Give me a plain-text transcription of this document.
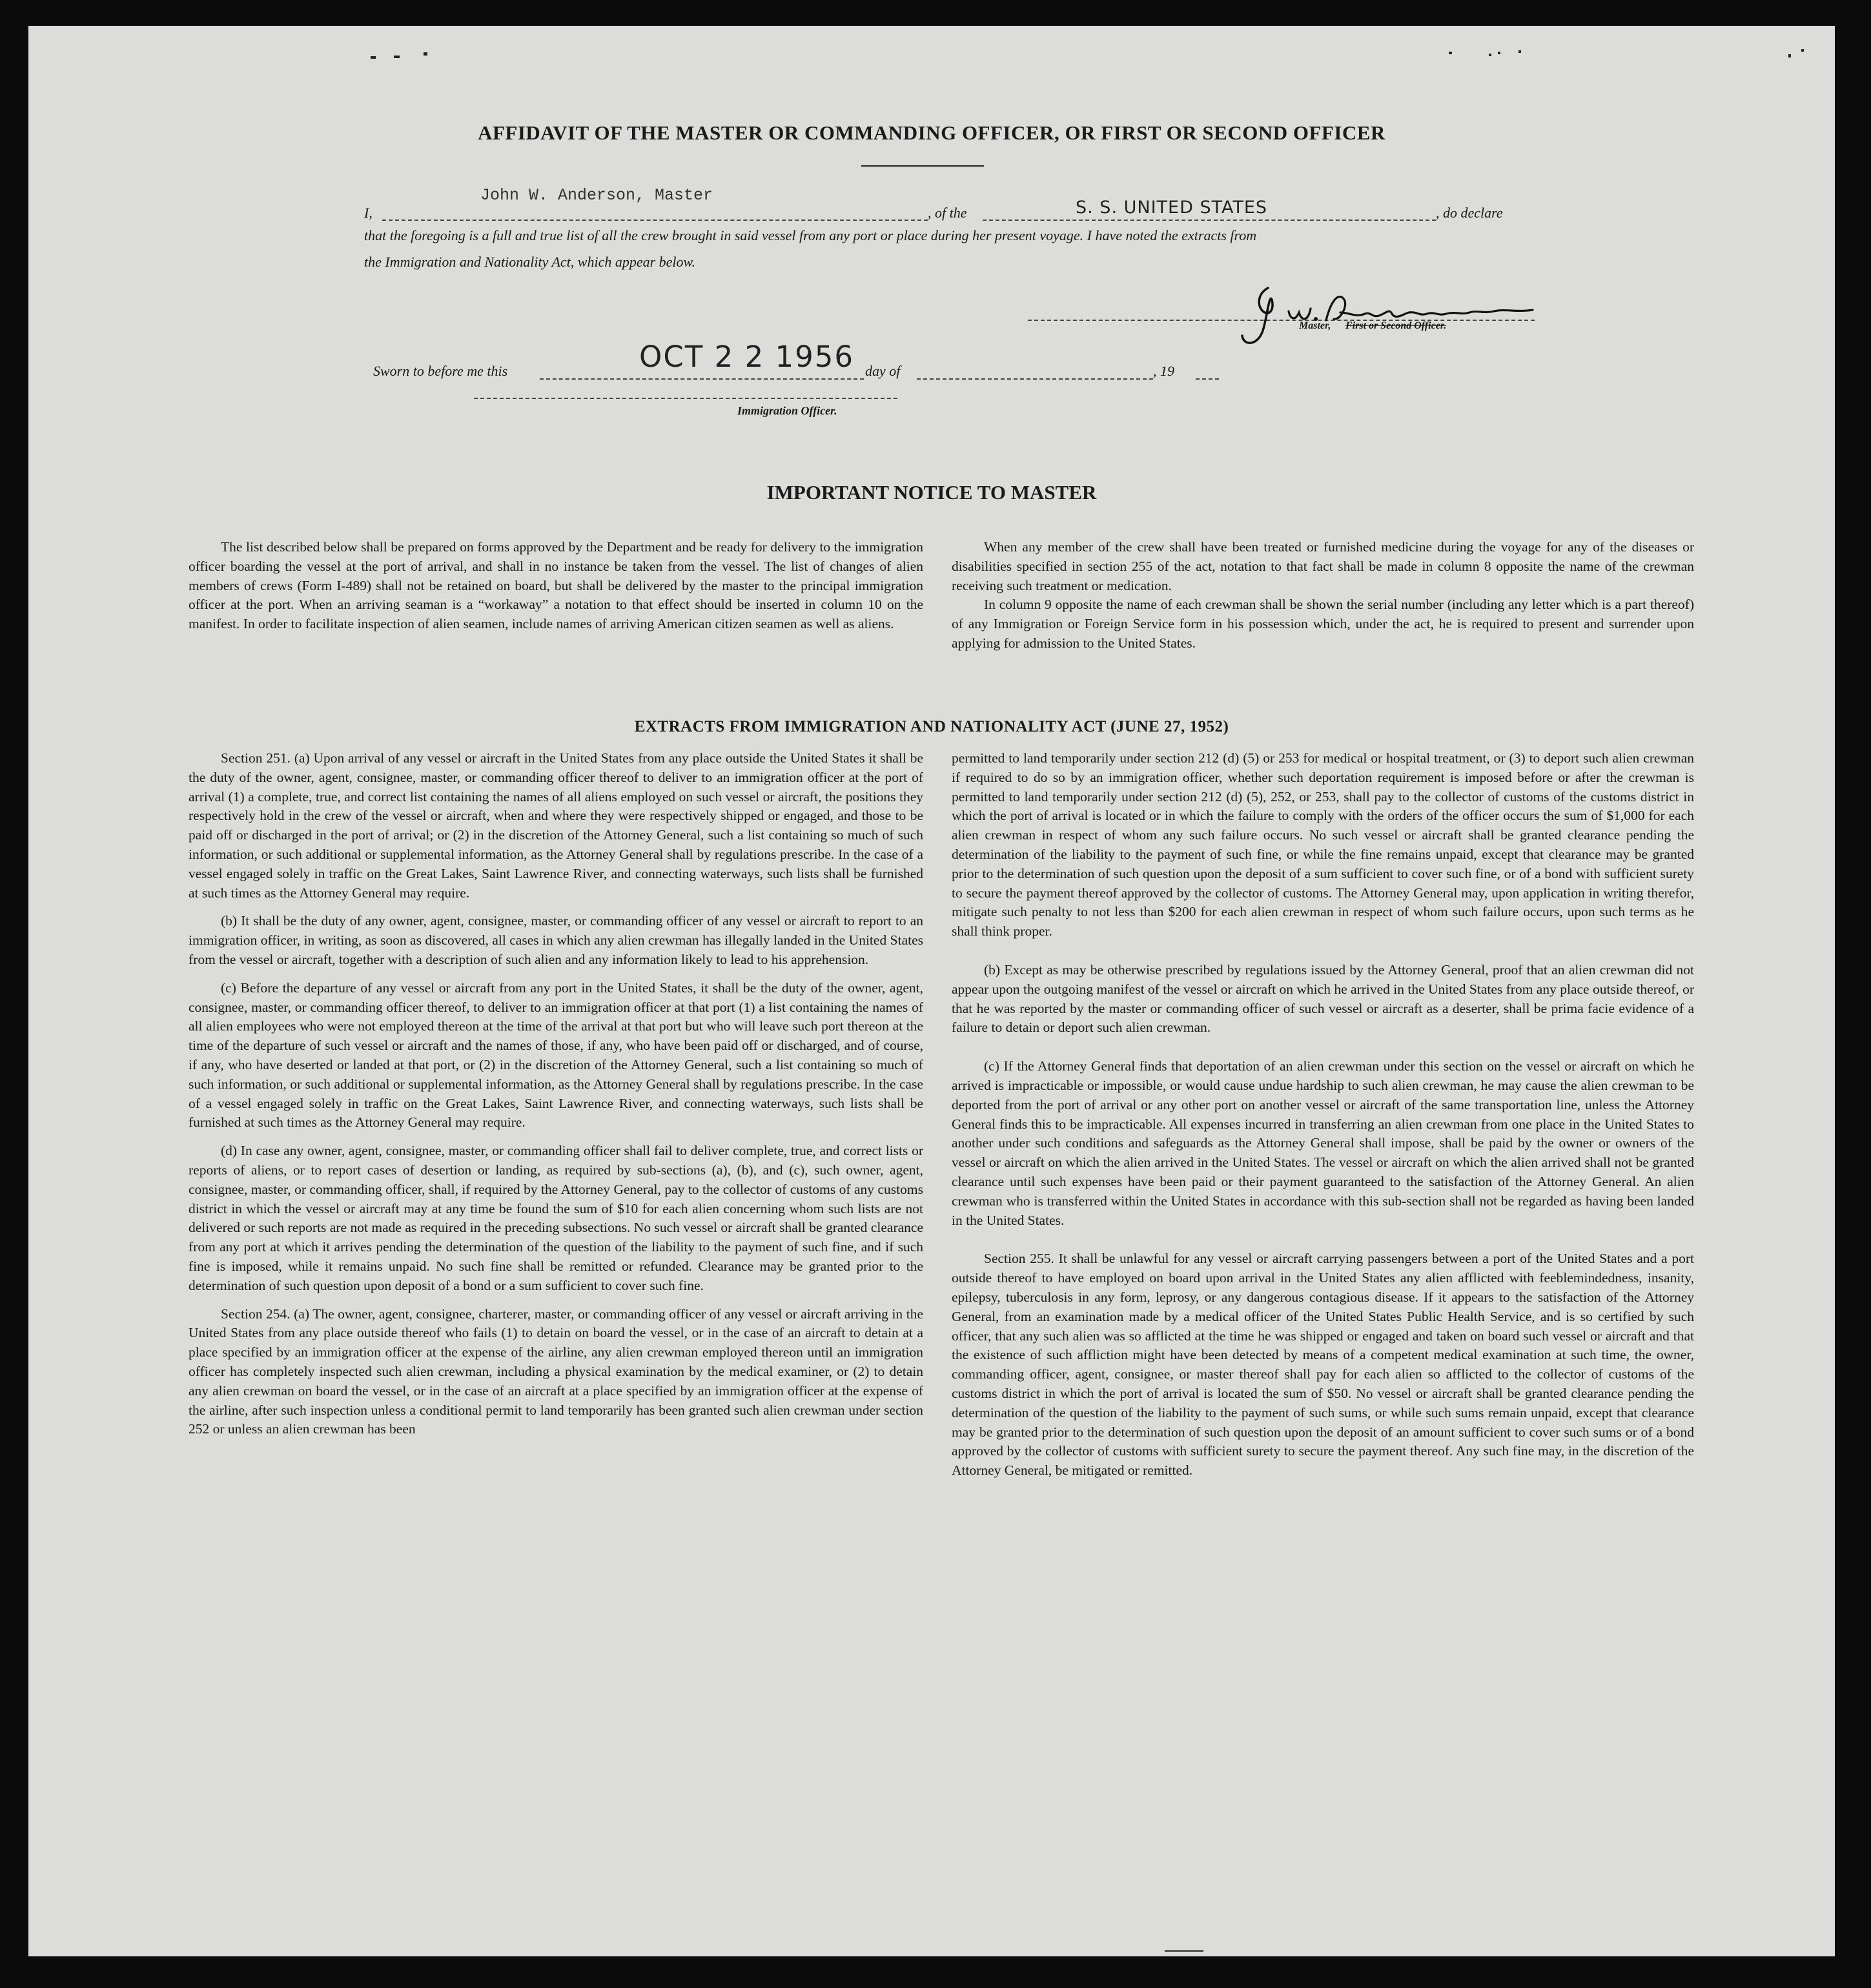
AFFIDAVIT OF THE MASTER OR COMMANDING OFFICER, OR FIRST OR SECOND OFFICER
I,
John W. Anderson, Master
, of the	S. S. UNITED STATES	, do declare
that the foregoing is a full and true list of all the crew brought in said vessel from any port or place during her present voyage. I have noted the extracts from
the Immigration and Nationality Act, which appear below.
Master, First or Second Officer.
Sworn to before me this	OCT 2 2 1956 day of	, 19
Immigration Officer.
IMPORTANT NOTICE TO MASTER

The list described below shall be prepared on forms approved by the Department and be ready for delivery to the immigration officer boarding the vessel at the port of arrival, and shall in no instance be taken from the vessel. The list of changes of alien members of crews (Form I-489) shall not be retained on board, but shall be delivered by the master to the principal immigration officer at the port. When an arriving seaman is a “workaway” a notation to that effect should be inserted in column 10 on the manifest. In order to facilitate inspection of alien seamen, include names of arriving American citizen seamen as well as aliens.

When any member of the crew shall have been treated or furnished medicine during the voyage for any of the diseases or disabilities specified in section 255 of the act, notation to that fact shall be made in column 8 opposite the name of the crewman receiving such treatment or medication.

In column 9 opposite the name of each crewman shall be shown the serial number (including any letter which is a part thereof) of any Immigration or Foreign Service form in his possession which, under the act, he is required to present and surrender upon applying for admission to the United States.

EXTRACTS FROM IMMIGRATION AND NATIONALITY ACT (JUNE 27, 1952)

Section 251. (a) Upon arrival of any vessel or aircraft in the United States from any place outside the United States it shall be the duty of the owner, agent, consignee, master, or commanding officer thereof to deliver to an immigration officer at the port of arrival (1) a complete, true, and correct list containing the names of all aliens employed on such vessel or aircraft, the positions they respectively hold in the crew of the vessel or aircraft, when and where they were respectively shipped or engaged, and those to be paid off or discharged in the port of arrival; or (2) in the discretion of the Attorney General, such a list containing so much of such information, or such additional or supplemental information, as the Attorney General shall by regulations prescribe. In the case of a vessel engaged solely in traffic on the Great Lakes, Saint Lawrence River, and connecting waterways, such lists shall be furnished at such times as the Attorney General may require.

(b) It shall be the duty of any owner, agent, consignee, master, or commanding officer of any vessel or aircraft to report to an immigration officer, in writing, as soon as discovered, all cases in which any alien crewman has illegally landed in the United States from the vessel or aircraft, together with a description of such alien and any information likely to lead to his apprehension.

(c) Before the departure of any vessel or aircraft from any port in the United States, it shall be the duty of the owner, agent, consignee, master, or commanding officer thereof, to deliver to an immigration officer at that port (1) a list containing the names of all alien employees who were not employed thereon at the time of the arrival at that port but who will leave such port thereon at the time of the departure of such vessel or aircraft and the names of those, if any, who have been paid off or discharged, and of course, if any, who have deserted or landed at that port, or (2) in the discretion of the Attorney General, such a list containing so much of such information, or such additional or supplemental information, as the Attorney General shall by regulations prescribe. In the case of a vessel engaged solely in traffic on the Great Lakes, Saint Lawrence River, and connecting waterways, such lists shall be furnished at such times as the Attorney General may require.

(d) In case any owner, agent, consignee, master, or commanding officer shall fail to deliver complete, true, and correct lists or reports of aliens, or to report cases of desertion or landing, as required by sub-sections (a), (b), and (c), such owner, agent, consignee, master, or commanding officer, shall, if required by the Attorney General, pay to the collector of customs of any customs district in which the vessel or aircraft may at any time be found the sum of $10 for each alien concerning whom such lists are not delivered or such reports are not made as required in the preceding subsections. No such vessel or aircraft shall be granted clearance from any port at which it arrives pending the determination of the question of the liability to the payment of such fine, and if such fine is imposed, while it remains unpaid. No such fine shall be remitted or refunded. Clearance may be granted prior to the determination of such question upon deposit of a bond or a sum sufficient to cover such fine.

Section 254. (a) The owner, agent, consignee, charterer, master, or commanding officer of any vessel or aircraft arriving in the United States from any place outside thereof who fails (1) to detain on board the vessel, or in the case of an aircraft to detain at a place specified by an immigration officer at the expense of the airline, any alien crewman employed thereon until an immigration officer has completely inspected such alien crewman, including a physical examination by the medical examiner, or (2) to detain any alien crewman on board the vessel, or in the case of an aircraft at a place specified by an immigration officer at the expense of the airline, after such inspection unless a conditional permit to land temporarily has been granted such alien crewman under section 252 or unless an alien crewman has been

permitted to land temporarily under section 212 (d) (5) or 253 for medical or hospital treatment, or (3) to deport such alien crewman if required to do so by an immigration officer, whether such deportation requirement is imposed before or after the crewman is permitted to land temporarily under section 212 (d) (5), 252, or 253, shall pay to the collector of customs of the customs district in which the port of arrival is located or in which the failure to comply with the orders of the officer occurs the sum of $1,000 for each alien crewman in respect of whom any such failure occurs. No such vessel or aircraft shall be granted clearance pending the determination of the liability to the payment of such fine, or while the fine remains unpaid, except that clearance may be granted prior to the determination of such question upon the deposit of a sum sufficient to cover such fine, or of a bond with sufficient surety to secure the payment thereof approved by the collector of customs. The Attorney General may, upon application in writing therefor, mitigate such penalty to not less than $200 for each alien crewman in respect of whom such failure occurs, upon such terms as he shall think proper.

(b) Except as may be otherwise prescribed by regulations issued by the Attorney General, proof that an alien crewman did not appear upon the outgoing manifest of the vessel or aircraft on which he arrived in the United States from any place outside thereof, or that he was reported by the master or commanding officer of such vessel or aircraft as a deserter, shall be prima facie evidence of a failure to detain or deport such alien crewman.

(c) If the Attorney General finds that deportation of an alien crewman under this section on the vessel or aircraft on which he arrived is impracticable or impossible, or would cause undue hardship to such alien crewman, he may cause the alien crewman to be deported from the port of arrival or any other port on another vessel or aircraft of the same transportation line, unless the Attorney General finds this to be impracticable. All expenses incurred in transferring an alien crewman from one place in the United States to another under such conditions and safeguards as the Attorney General shall impose, shall be paid by the owner or owners of the vessel or aircraft on which the alien arrived in the United States. The vessel or aircraft on which the alien arrived shall not be granted clearance until such expenses have been paid or their payment guaranteed to the satisfaction of the Attorney General. An alien crewman who is transferred within the United States in accordance with this sub-section shall not be regarded as having been landed in the United States.

Section 255. It shall be unlawful for any vessel or aircraft carrying passengers between a port of the United States and a port outside thereof to have employed on board upon arrival in the United States any alien afflicted with feeblemindedness, insanity, epilepsy, tuberculosis in any form, leprosy, or any dangerous contagious disease. If it appears to the satisfaction of the Attorney General, from an examination made by a medical officer of the United States Public Health Service, and is so certified by such officer, that any such alien was so afflicted at the time he was shipped or engaged and taken on board such vessel or aircraft and that the existence of such affliction might have been detected by means of a competent medical examination at such time, the owner, commanding officer, agent, consignee, or master thereof shall pay for each alien so afflicted to the collector of customs of the customs district in which the port of arrival is located the sum of $50. No vessel or aircraft shall be granted clearance pending the determination of the question of the liability to the payment of such sums, or while such sums remain unpaid, except that clearance may be granted prior to the determination of such question upon the deposit of an amount sufficient to cover such sums or of a bond approved by the collector of customs with sufficient surety to secure the payment thereof. Any such fine may, in the discretion of the Attorney General, be mitigated or remitted.
